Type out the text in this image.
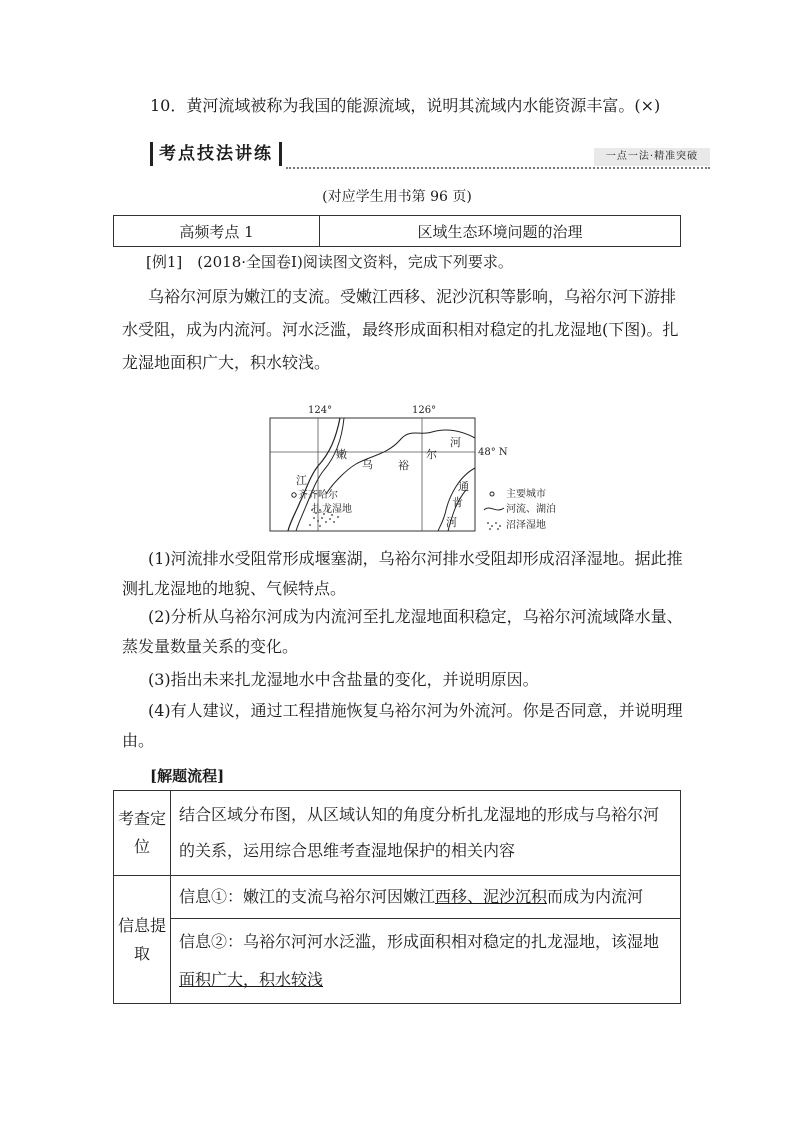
10．黄河流域被称为我国的能源流域，说明其流域内水能资源丰富。(×)
考点技法讲练	一点一法·精准突破
(对应学生用书第 96 页)
高频考点 1	区域生态环境问题的治理
[例1]　(2018·全国卷Ⅰ)阅读图文资料，完成下列要求。
乌裕尔河原为嫩江的支流。受嫩江西移、泥沙沉积等影响，乌裕尔河下游排水受阻，成为内流河。河水泛滥，最终形成面积相对稳定的扎龙湿地(下图)。扎龙湿地面积广大，积水较浅。
124°	126°
48° N
河
嫩
乌 裕
尔
江	通
肯
河
齐齐哈尔
扎龙湿地
主要城市
河流、湖泊
沼泽湿地
(1)河流排水受阻常形成堰塞湖，乌裕尔河排水受阻却形成沼泽湿地。据此推测扎龙湿地的地貌、气候特点。
(2)分析从乌裕尔河成为内流河至扎龙湿地面积稳定，乌裕尔河流域降水量、蒸发量数量关系的变化。
(3)指出未来扎龙湿地水中含盐量的变化，并说明原因。
(4)有人建议，通过工程措施恢复乌裕尔河为外流河。你是否同意，并说明理由。
[解题流程]
考查定位	结合区域分布图，从区域认知的角度分析扎龙湿地的形成与乌裕尔河的关系，运用综合思维考查湿地保护的相关内容
信息提取	信息①：嫩江的支流乌裕尔河因嫩江西移、泥沙沉积而成为内流河
	信息②：乌裕尔河河水泛滥，形成面积相对稳定的扎龙湿地，该湿地面积广大，积水较浅
